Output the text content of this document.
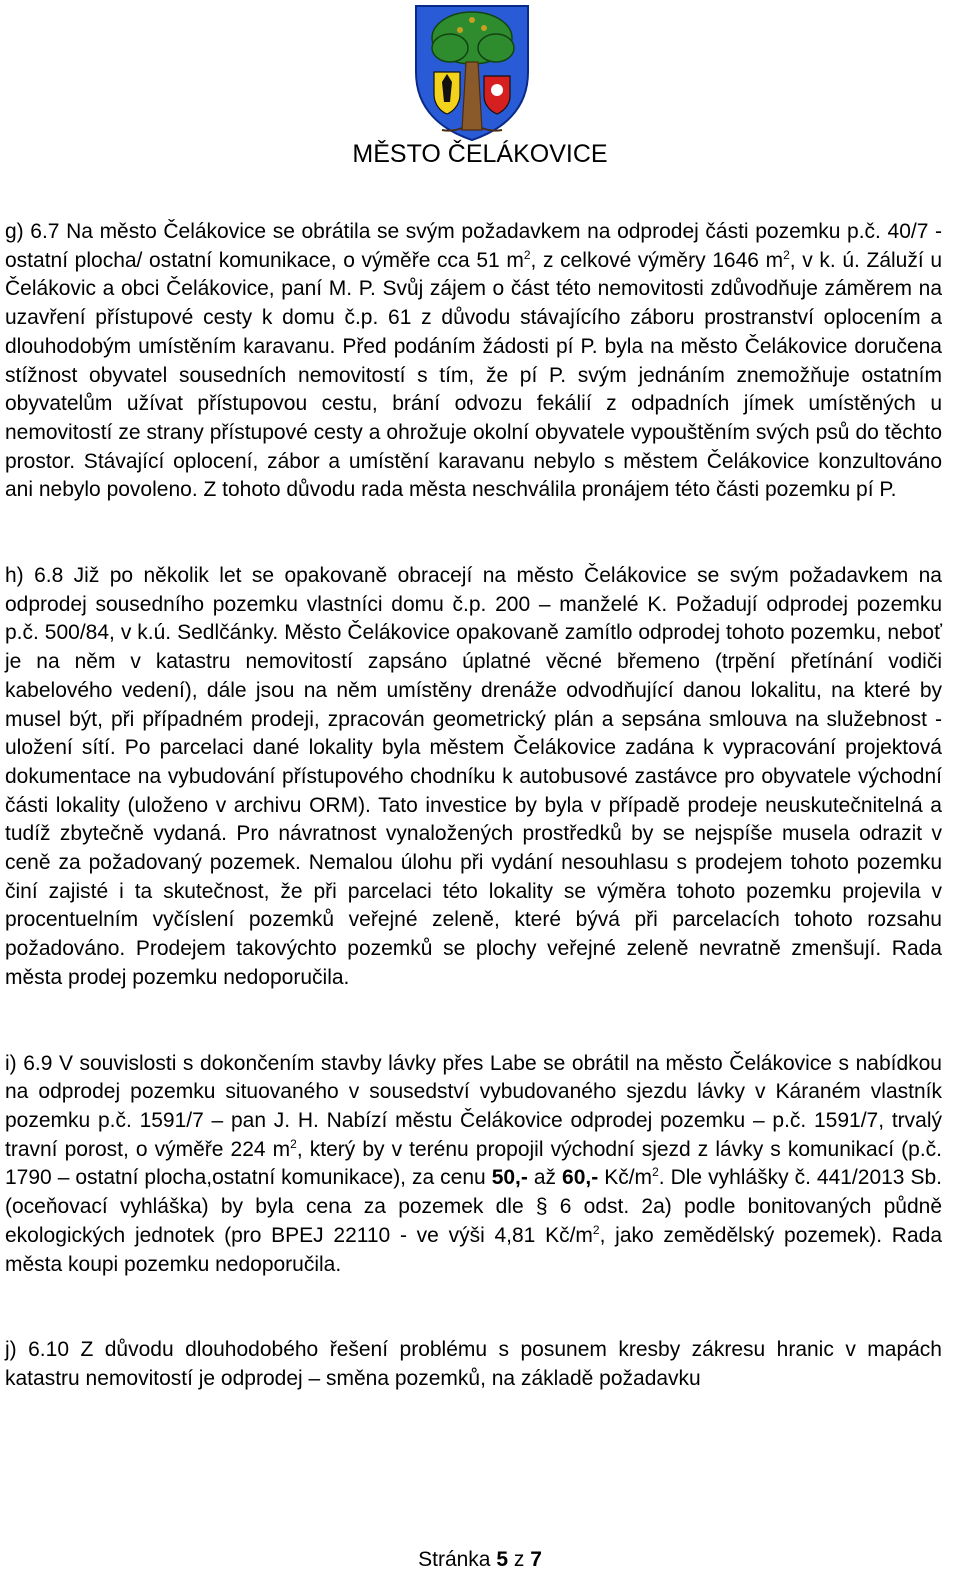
MĚSTO ČELÁKOVICE

g) 6.7 Na město Čelákovice se obrátila se svým požadavkem na odprodej části pozemku p.č. 40/7 - ostatní plocha/ ostatní komunikace, o výměře cca 51 $m^2$, z celkové výměry 1646 $m^2$, v k. ú. Záluží u Čelákovic a obci Čelákovice, paní M. P. Svůj zájem o část této nemovitosti zdůvodňuje záměrem na uzavření přístupové cesty k domu č.p. 61 z důvodu stávajícího záboru prostranství oplocením a dlouhodobým umístěním karavanu. Před podáním žádosti pí P. byla na město Čelákovice doručena stížnost obyvatel sousedních nemovitostí s tím, že pí P. svým jednáním znemožňuje ostatním obyvatelům užívat přístupovou cestu, brání odvozu fekálií z odpadních jímek umístěných u nemovitostí ze strany přístupové cesty a ohrožuje okolní obyvatele vypouštěním svých psů do těchto prostor. Stávající oplocení, zábor a umístění karavanu nebylo s městem Čelákovice konzultováno ani nebylo povoleno. Z tohoto důvodu rada města neschválila pronájem této části pozemku pí P.

h) 6.8 Již po několik let se opakovaně obracejí na město Čelákovice se svým požadavkem na odprodej sousedního pozemku vlastníci domu č.p. 200 – manželé K. Požadují odprodej pozemku p.č. 500/84, v k.ú. Sedlčánky. Město Čelákovice opakovaně zamítlo odprodej tohoto pozemku, neboť je na něm v katastru nemovitostí zapsáno úplatné věcné břemeno (trpění přetínání vodiči kabelového vedení), dále jsou na něm umístěny drenáže odvodňující danou lokalitu, na které by musel být, při případném prodeji, zpracován geometrický plán a sepsána smlouva na služebnost - uložení sítí. Po parcelaci dané lokality byla městem Čelákovice zadána k vypracování projektová dokumentace na vybudování přístupového chodníku k autobusové zastávce pro obyvatele východní části lokality (uloženo v archivu ORM). Tato investice by byla v případě prodeje neuskutečnitelná a tudíž zbytečně vydaná. Pro návratnost vynaložených prostředků by se nejspíše musela odrazit v ceně za požadovaný pozemek. Nemalou úlohu při vydání nesouhlasu s prodejem tohoto pozemku činí zajisté i ta skutečnost, že při parcelaci této lokality se výměra tohoto pozemku projevila v procentuelním vyčíslení pozemků veřejné zeleně, které bývá při parcelacích tohoto rozsahu požadováno. Prodejem takovýchto pozemků se plochy veřejné zeleně nevratně zmenšují. Rada města prodej pozemku nedoporučila.

i) 6.9 V souvislosti s dokončením stavby lávky přes Labe se obrátil na město Čelákovice s nabídkou na odprodej pozemku situovaného v sousedství vybudovaného sjezdu lávky v Káraném vlastník pozemku p.č. 1591/7 – pan J. H. Nabízí městu Čelákovice odprodej pozemku – p.č. 1591/7, trvalý travní porost, o výměře 224 $m^2$, který by v terénu propojil východní sjezd z lávky s komunikací (p.č. 1790 – ostatní plocha,ostatní komunikace), za cenu 50,- až 60,- $Kč/m^2$. Dle vyhlášky č. 441/2013 Sb. (oceňovací vyhláška) by byla cena za pozemek dle § 6 odst. 2a) podle bonitovaných půdně ekologických jednotek (pro BPEJ 22110 - ve výši 4,81 $Kč/m^2$, jako zemědělský pozemek). Rada města koupi pozemku nedoporučila.

j) 6.10 Z důvodu dlouhodobého řešení problému s posunem kresby zákresu hranic v mapách katastru nemovitostí je odprodej – směna pozemků, na základě požadavku

Stránka 5 z 7
